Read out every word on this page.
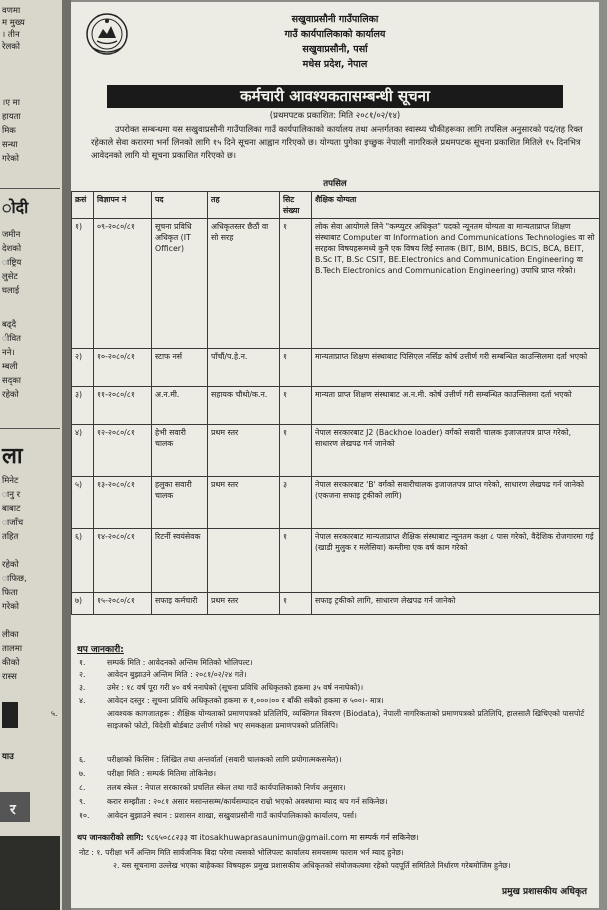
वणमा
म मुख्य
। तीन
रेलको
।ए मा
हायता
मिक
सन्धा
गरेको
ोदी
जमीन
देशको
ाष्ट्रिय
लुसेट
घलाई
बढ्दै
ीवित
नने।
म्बली
सद्का
रहेको
ला
मिनेट
ानु र
बाबाट
ाजाँच
तहित
रहेको
ाफिछ,
फिता
गरेको
लीका
तालमा
कीको
रास्स
याउ
र
सखुवाप्रसौनी गाउँपालिका
गाउँ कार्यपालिकाको कार्यालय
सखुवाप्रसौनी, पर्सा
मधेस प्रदेश, नेपाल
कर्मचारी आवश्यकतासम्बन्धी सूचना
(प्रथमपटक प्रकाशित: मिति २०८१/०२/१४)
उपरोक्त सम्बन्धमा यस सखुवाप्रसौनी गाउँपालिका गाउँ कार्यपालिकाको कार्यालय तथा अन्तर्गतका स्वास्थ्य चौकीहरूका लागि तपसिल अनुसारको पद/तह रिक्त रहेकाले सेवा करारमा भर्ना लिनको लागि १५ दिने सूचना आह्वान गरिएको छ। योग्यता पुगेका इच्छुक नेपाली नागरिकले प्रथमपटक सूचना प्रकाशित मितिले १५ दिनभित्र आवेदनको लागि यो सूचना प्रकाशित गरिएको छ।
तपसिल
क्रसं	विज्ञापन नं	पद	तह	सिट संख्या	शैक्षिक योग्यता
१)	०९-२०८०/८१	सूचना प्रविधि अधिकृत (IT Officer)	अधिकृतस्तर छैठौं वा सो सरह	१	लोक सेवा आयोगले लिने "कम्प्युटर अधिकृत" पदको न्यूनतम योग्यता वा मान्यताप्राप्त शिक्षण संस्थाबाट Computer वा Information and Communications Technologies वा सो सरहका विषयहरूमध्ये कुनै एक विषय लिई स्नातक (BIT, BIM, BBIS, BCIS, BCA, BEIT, B.Sc IT, B.Sc CSIT, BE.Electronics and Communication Engineering वा B.Tech Electronics and Communication Engineering) उपाधि प्राप्त गरेको।
२)	१०-२०८०/८१	स्टाफ नर्स	पाँचौं/प.हे.न.	१	मान्यताप्राप्त शिक्षण संस्थाबाट पिसिएल नर्सिङ कोर्ष उत्तीर्ण गरी सम्बन्धित काउन्सिलमा दर्ता भएको
३)	११-२०८०/८१	अ.न.मी.	सहायक चौथो/क.न.	१	मान्यता प्राप्त शिक्षण संस्थाबाट अ.न.मी. कोर्ष उत्तीर्ण गरी सम्बन्धित काउन्सिलमा दर्ता भएको
४)	१२-२०८०/८१	हेभी सवारी चालक	प्रथम स्तर	१	नेपाल सरकारबाट J2 (Backhoe loader) वर्गको सवारी चालक इजाजतपत्र प्राप्त गरेको, साधारण लेखपढ गर्न जानेको
५)	१३-२०८०/८१	हलुका सवारी चालक	प्रथम स्तर	३	नेपाल सरकारबाट 'B' वर्गको सवारीचालक इजाजतपत्र प्राप्त गरेको, साधारण लेखपढ गर्न जानेको (एकजना सफाइ ट्रकीको लागि)
६)	१४-२०८०/८१	रिटर्नी स्वयंसेवक		१	नेपाल सरकारबाट मान्यताप्राप्त शैक्षिक संस्थाबाट न्यूनतम कक्षा ८ पास गरेको, वैदेशिक रोजगारमा गई (खाडी मुलुक र मलेसिया) कम्तीमा एक वर्ष काम गरेको
७)	१५-२०८०/८१	सफाइ कर्मचारी	प्रथम स्तर	१	सफाइ ट्रकीको लागि, साधारण लेखपढ गर्न जानेको
थप जानकारी:
१.	सम्पर्क मिति : आवेदनको अन्तिम मितिको भोलिपल्ट।
२.	आवेदन बुझाउने अन्तिम मिति : २०८१/०२/२४ गते।
३.	उमेर : १८ वर्ष पूरा गरी ४० वर्ष ननाघेको (सूचना प्रविधि अधिकृतको हकमा ३५ वर्ष ननाघेको)।
४.	आवेदन दस्तुर : सूचना प्रविधि अधिकृतको हकमा रु १,०००।०० र बाँकी सबैको हकमा रु ५००।- मात्र।
५.	आवश्यक कागजातहरू : शैक्षिक योग्यताको प्रमाणपत्रको प्रतिलिपि, व्यक्तिगत विवरण (Biodata), नेपाली नागरिकताको प्रमाणपत्रको प्रतिलिपि, हालसालै खिचिएको पासपोर्ट साइजको फोटो, विदेशी बोर्डबाट उत्तीर्ण गरेको भए समकक्षता प्रमाणपत्रको प्रतिलिपि।
६.	परीक्षाको किसिम : लिखित तथा अन्तर्वार्ता (सवारी चालकको लागि प्रयोगात्मकसमेत)।
७.	परीक्षा मिति : सम्पर्क मितिमा तोकिनेछ।
८.	तलब स्केल : नेपाल सरकारको प्रचलित स्केल तथा गाउँ कार्यपालिकाको निर्णय अनुसार।
९.	करार सम्झौता : २०८१ असार मसान्तसम्म/कार्यसम्पादन राम्रो भएको अवस्थामा म्याद थप गर्न सकिनेछ।
१०. आवेदन बुझाउने स्थान : प्रशासन शाखा, सखुवाप्रसौनी गाउँ कार्यपालिकाको कार्यालय, पर्सा।
थप जानकारीको लागि: ९८६५०८८२३३ वा itosakhuwaprasaunimun@gmail.com मा सम्पर्क गर्न सकिनेछ।
नोट : १. परीक्षा भर्ने अन्तिम मिति सार्वजनिक बिदा परेमा त्यसको भोलिपल्ट कार्यालय समयसम्म फाराम भर्न म्याद हुनेछ।
२. यस सूचनामा उल्लेख भएका बाहेकका विषयहरू प्रमुख प्रशासकीय अधिकृतको संयोजकत्वमा रहेको पदपूर्ति समितिले निर्धारण गरेबमोजिम हुनेछ।
प्रमुख प्रशासकीय अधिकृत
